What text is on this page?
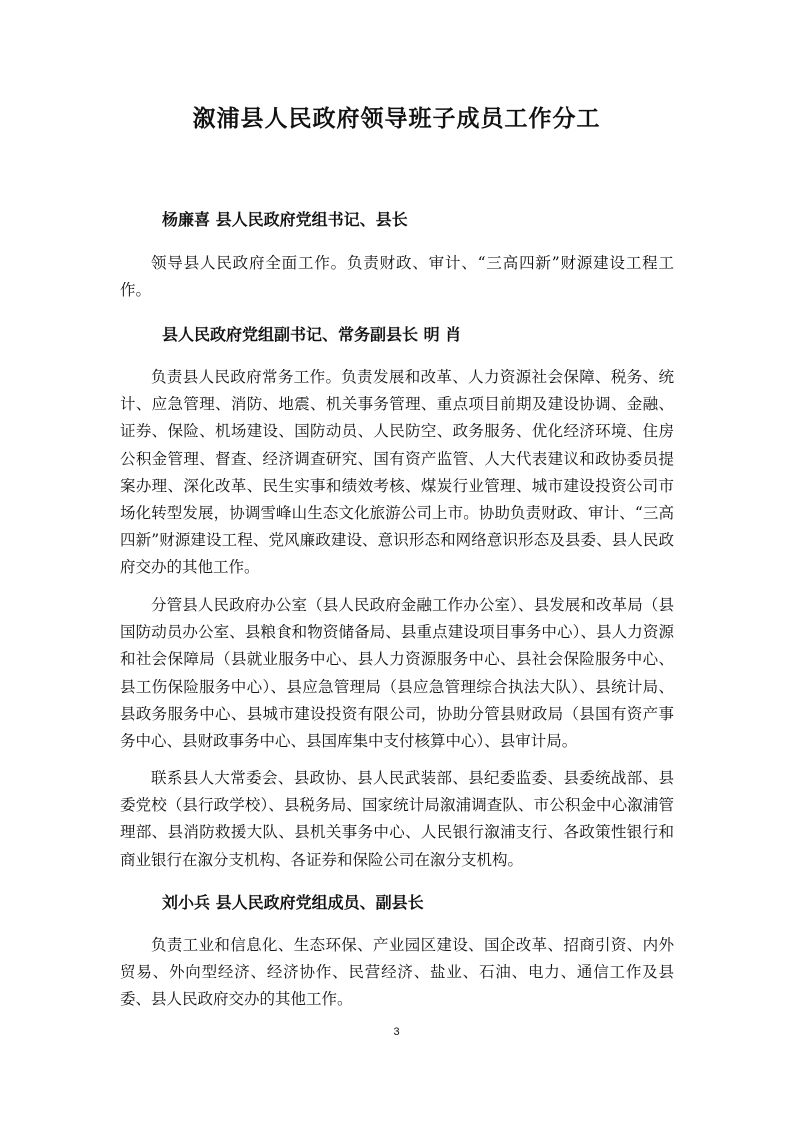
溆浦县人民政府领导班子成员工作分工
杨廉喜 县人民政府党组书记、县长

领导县人民政府全面工作。负责财政、审计、“三高四新”财源建设工程工作。

县人民政府党组副书记、常务副县长 明 肖

负责县人民政府常务工作。负责发展和改革、人力资源社会保障、税务、统计、应急管理、消防、地震、机关事务管理、重点项目前期及建设协调、金融、证券、保险、机场建设、国防动员、人民防空、政务服务、优化经济环境、住房公积金管理、督查、经济调查研究、国有资产监管、人大代表建议和政协委员提案办理、深化改革、民生实事和绩效考核、煤炭行业管理、城市建设投资公司市场化转型发展，协调雪峰山生态文化旅游公司上市。协助负责财政、审计、“三高四新”财源建设工程、党风廉政建设、意识形态和网络意识形态及县委、县人民政府交办的其他工作。

分管县人民政府办公室（县人民政府金融工作办公室）、县发展和改革局（县国防动员办公室、县粮食和物资储备局、县重点建设项目事务中心）、县人力资源和社会保障局（县就业服务中心、县人力资源服务中心、县社会保险服务中心、县工伤保险服务中心）、县应急管理局（县应急管理综合执法大队）、县统计局、县政务服务中心、县城市建设投资有限公司，协助分管县财政局（县国有资产事务中心、县财政事务中心、县国库集中支付核算中心）、县审计局。

联系县人大常委会、县政协、县人民武装部、县纪委监委、县委统战部、县委党校（县行政学校）、县税务局、国家统计局溆浦调查队、市公积金中心溆浦管理部、县消防救援大队、县机关事务中心、人民银行溆浦支行、各政策性银行和商业银行在溆分支机构、各证券和保险公司在溆分支机构。

刘小兵 县人民政府党组成员、副县长

负责工业和信息化、生态环保、产业园区建设、国企改革、招商引资、内外贸易、外向型经济、经济协作、民营经济、盐业、石油、电力、通信工作及县委、县人民政府交办的其他工作。

3
